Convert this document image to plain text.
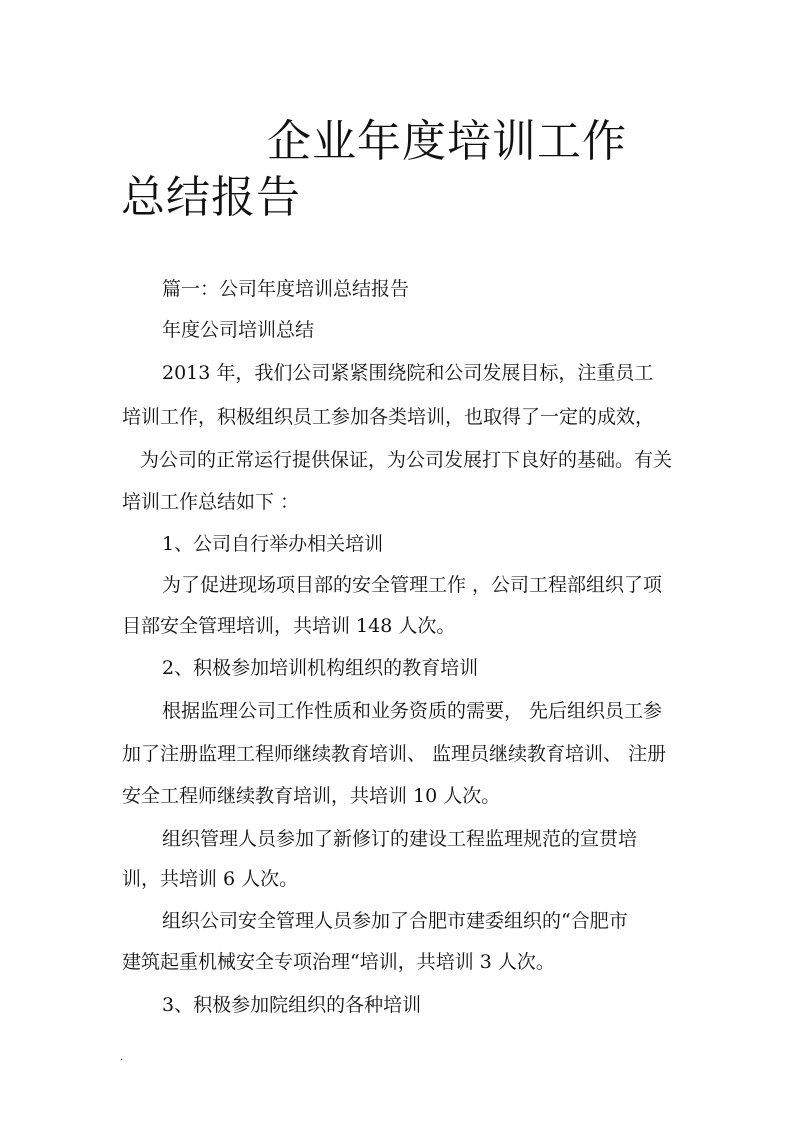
企业年度培训工作
总结报告

篇一：公司年度培训总结报告

年度公司培训总结

2013 年，我们公司紧紧围绕院和公司发展目标，注重员工

培训工作，积极组织员工参加各类培训，也取得了一定的成效，

为公司的正常运行提供保证，为公司发展打下良好的基础。有关

培训工作总结如下 ：

1、公司自行举办相关培训

为了促进现场项目部的安全管理工作 ，公司工程部组织了项

目部安全管理培训，共培训 148 人次。

2、积极参加培训机构组织的教育培训

根据监理公司工作性质和业务资质的需要， 先后组织员工参

加了注册监理工程师继续教育培训、 监理员继续教育培训、 注册

安全工程师继续教育培训，共培训 10 人次。

组织管理人员参加了新修订的建设工程监理规范的宣贯培

训，共培训 6 人次。

组织公司安全管理人员参加了合肥市建委组织的“合肥市

建筑起重机械安全专项治理“培训，共培训 3 人次。

3、积极参加院组织的各种培训

.
